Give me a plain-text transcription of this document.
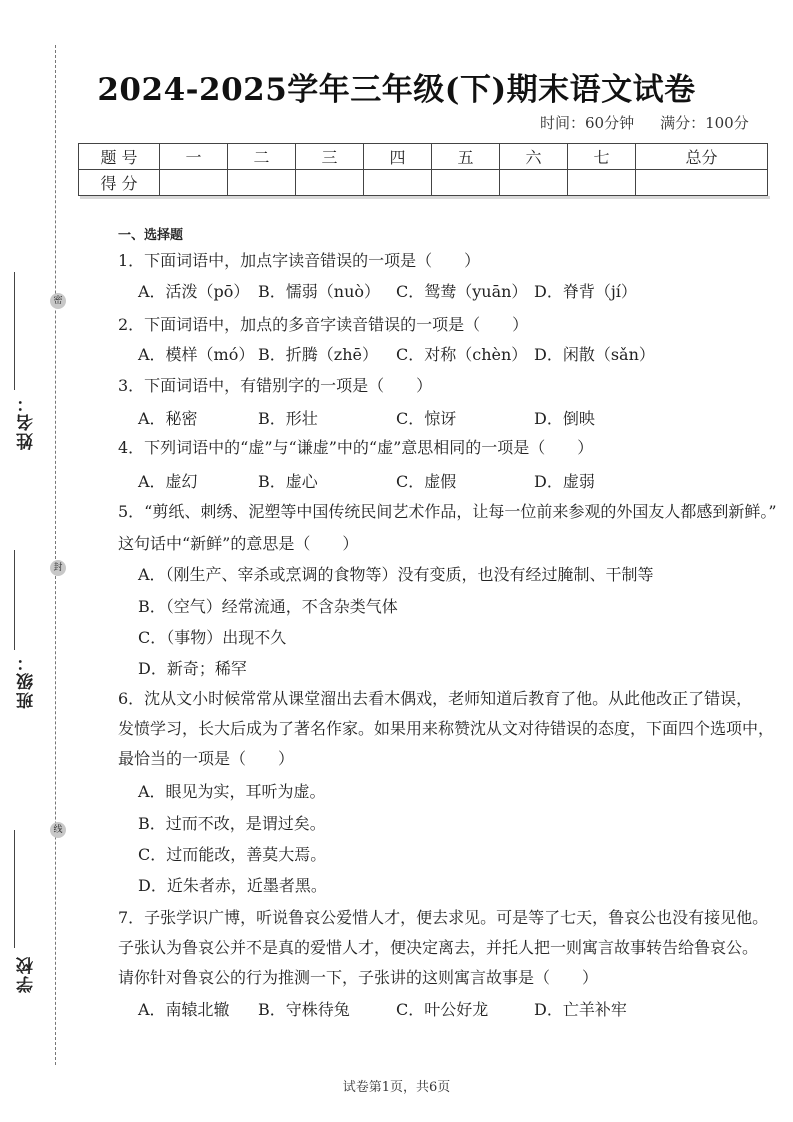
密
封
线
姓名：
班级：
学校
2024-2025学年三年级(下)期末语文试卷
时间：60分钟 满分：100分
题 号	一	二	三	四	五	六	七	总分
得 分								
一、选择题
1．下面词语中，加点字读音错误的一项是（　　）
A．活泼（pō） B．懦弱（nuò） C．鸳鸯（yuān） D．脊背（jí）
2．下面词语中，加点的多音字读音错误的一项是（　　）
A．模样（mó） B．折腾（zhē） C．对称（chèn） D．闲散（sǎn）
3．下面词语中，有错别字的一项是（　　）
A．秘密	B．形壮	C．惊讶	D．倒映
4．下列词语中的“虚”与“谦虚”中的“虚”意思相同的一项是（　　）
A．虚幻	B．虚心	C．虚假	D．虚弱
5．“剪纸、刺绣、泥塑等中国传统民间艺术作品，让每一位前来参观的外国友人都感到新鲜。”
这句话中“新鲜”的意思是（　　）
A．（刚生产、宰杀或烹调的食物等）没有变质，也没有经过腌制、干制等
B．（空气）经常流通，不含杂类气体
C．（事物）出现不久
D．新奇；稀罕
6．沈从文小时候常常从课堂溜出去看木偶戏，老师知道后教育了他。从此他改正了错误，
发愤学习，长大后成为了著名作家。如果用来称赞沈从文对待错误的态度，下面四个选项中，
最恰当的一项是（　　）
A．眼见为实，耳听为虚。
B．过而不改，是谓过矣。
C．过而能改，善莫大焉。
D．近朱者赤，近墨者黑。
7．子张学识广博，听说鲁哀公爱惜人才，便去求见。可是等了七天，鲁哀公也没有接见他。
子张认为鲁哀公并不是真的爱惜人才，便决定离去，并托人把一则寓言故事转告给鲁哀公。
请你针对鲁哀公的行为推测一下，子张讲的这则寓言故事是（　　）
A．南辕北辙 B．守株待兔	C．叶公好龙	D．亡羊补牢
试卷第1页，共6页
